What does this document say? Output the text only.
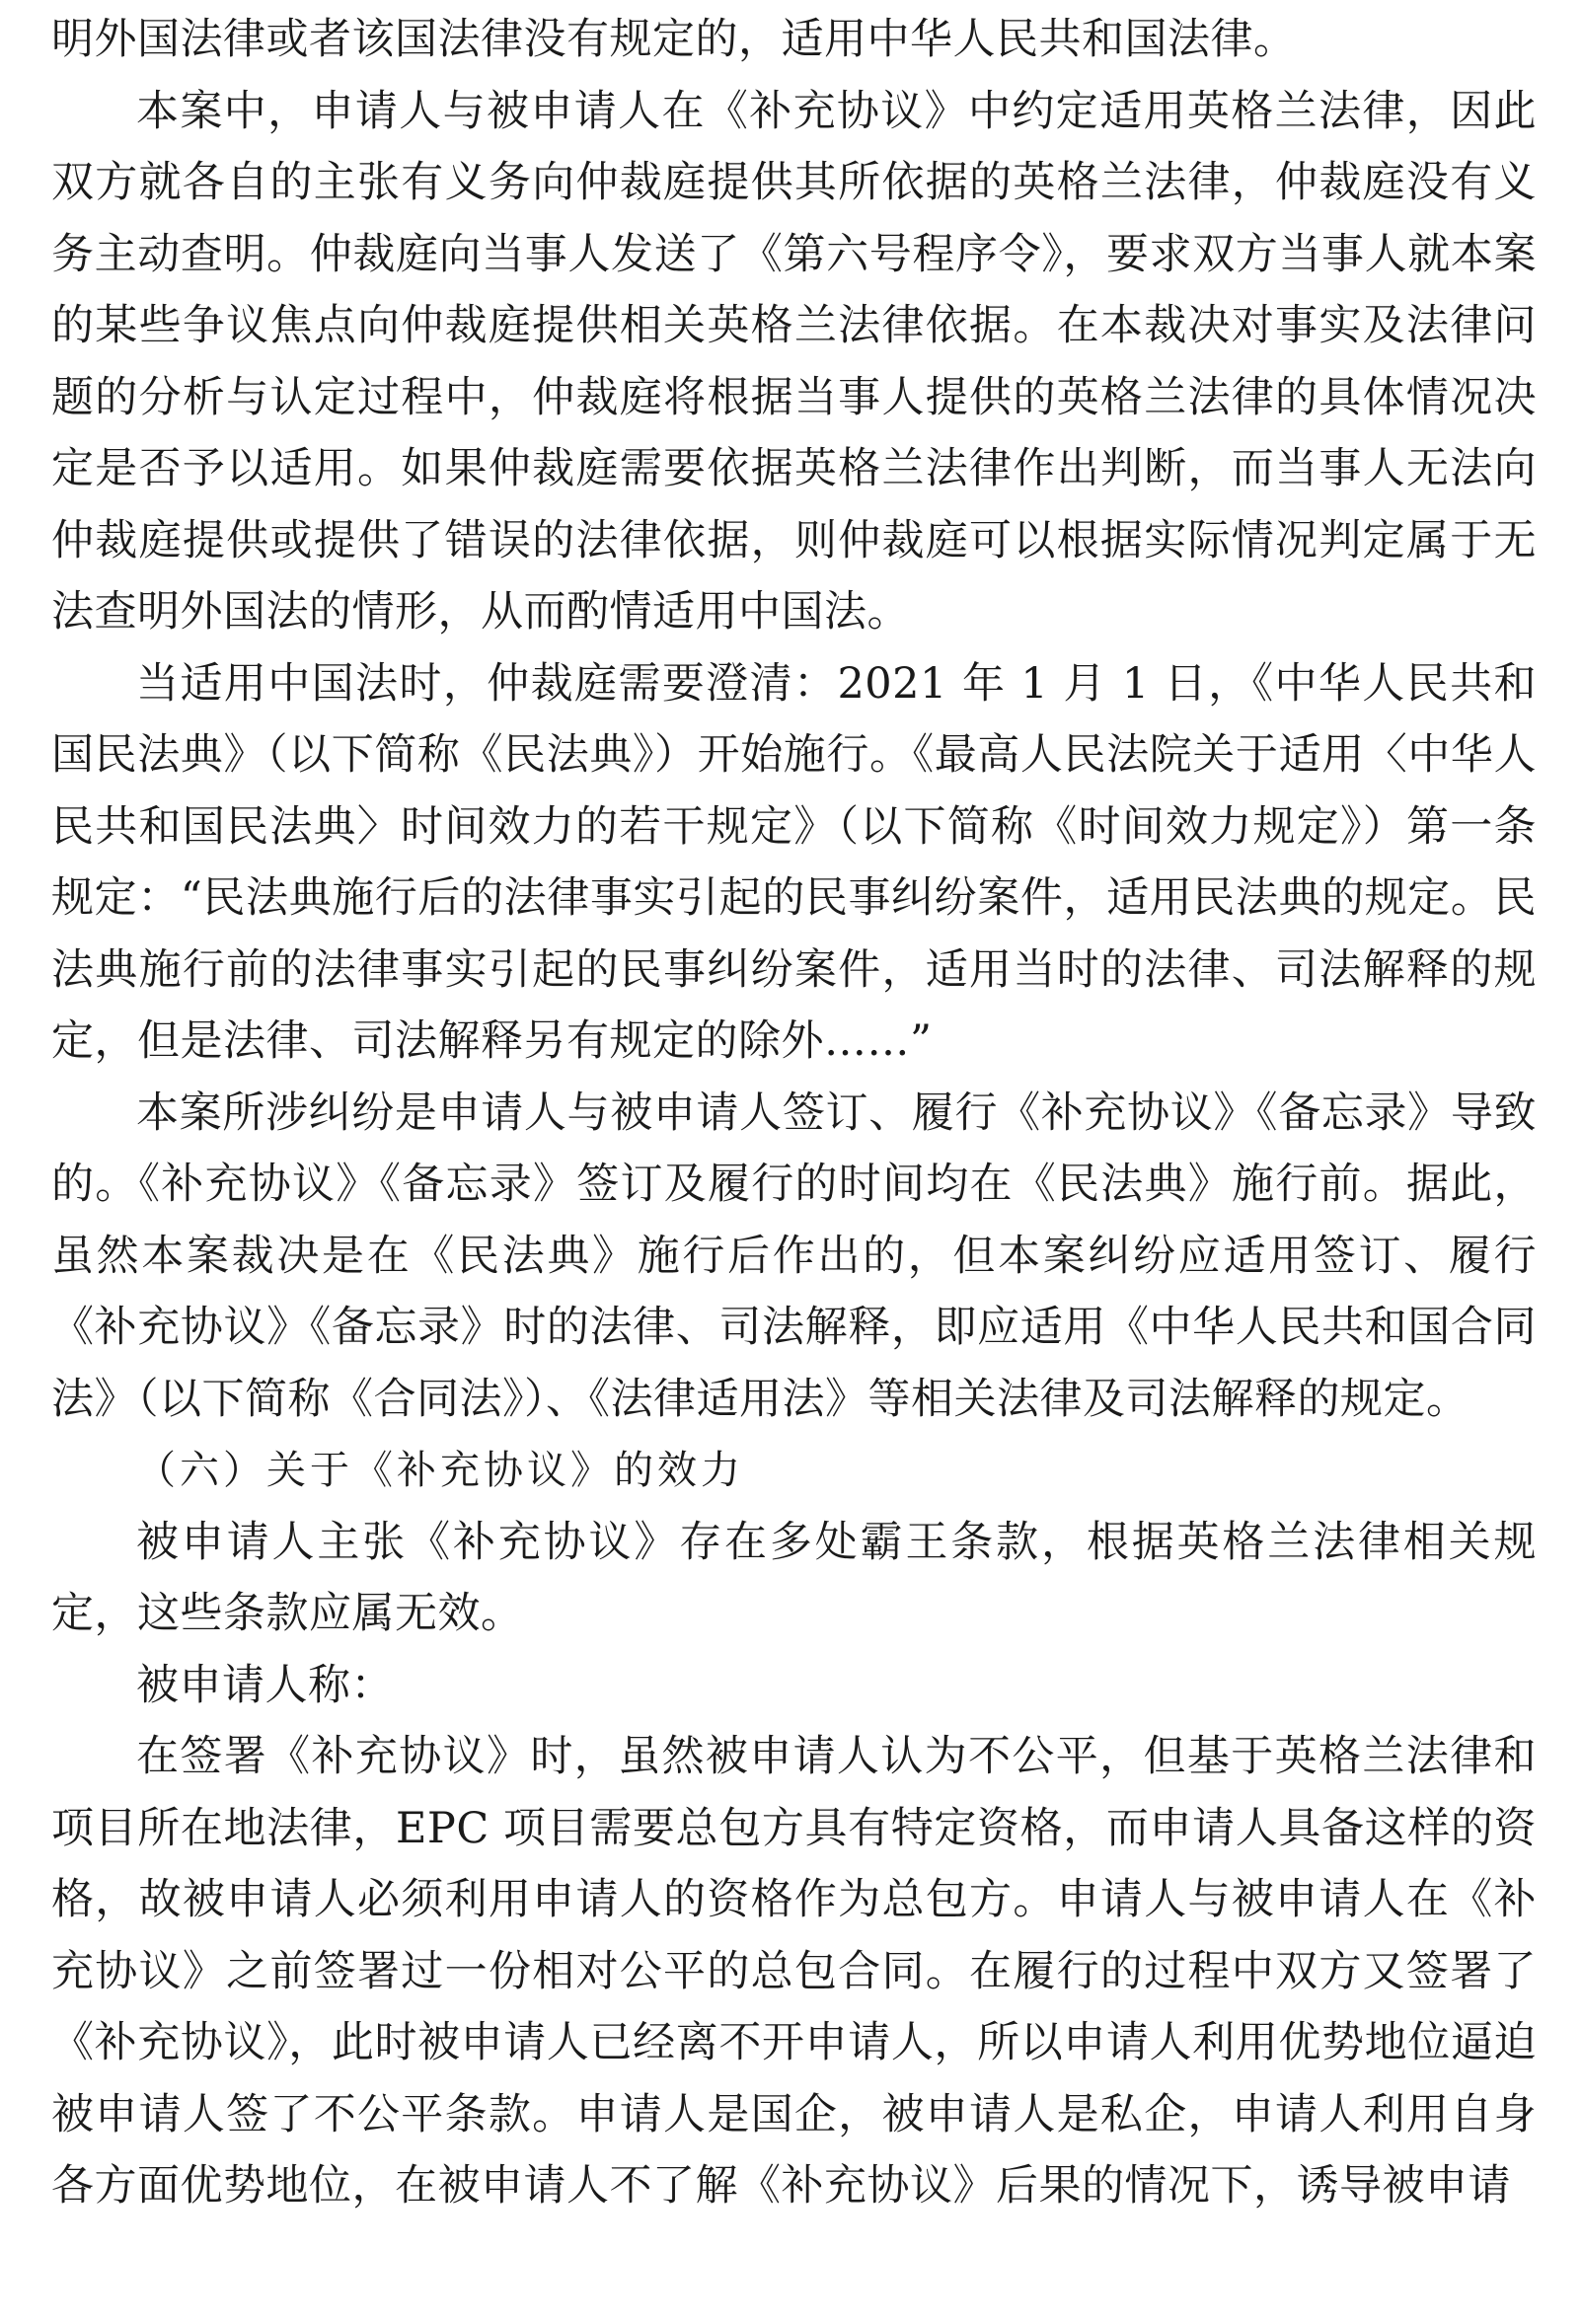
明外国法律或者该国法律没有规定的，适用中华人民共和国法律。

本案中，申请人与被申请人在《补充协议》中约定适用英格兰法律，因此双方就各自的主张有义务向仲裁庭提供其所依据的英格兰法律，仲裁庭没有义务主动查明。仲裁庭向当事人发送了《第六号程序令》，要求双方当事人就本案的某些争议焦点向仲裁庭提供相关英格兰法律依据。在本裁决对事实及法律问题的分析与认定过程中，仲裁庭将根据当事人提供的英格兰法律的具体情况决定是否予以适用。如果仲裁庭需要依据英格兰法律作出判断，而当事人无法向仲裁庭提供或提供了错误的法律依据，则仲裁庭可以根据实际情况判定属于无法查明外国法的情形，从而酌情适用中国法。

当适用中国法时，仲裁庭需要澄清：2021 年 1 月 1 日，《中华人民共和国民法典》（以下简称《民法典》）开始施行。《最高人民法院关于适用〈中华人民共和国民法典〉时间效力的若干规定》（以下简称《时间效力规定》）第一条规定：“民法典施行后的法律事实引起的民事纠纷案件，适用民法典的规定。民法典施行前的法律事实引起的民事纠纷案件，适用当时的法律、司法解释的规定，但是法律、司法解释另有规定的除外……”

本案所涉纠纷是申请人与被申请人签订、履行《补充协议》《备忘录》导致的。《补充协议》《备忘录》签订及履行的时间均在《民法典》施行前。据此，虽然本案裁决是在《民法典》施行后作出的，但本案纠纷应适用签订、履行《补充协议》《备忘录》时的法律、司法解释，即应适用《中华人民共和国合同法》（以下简称《合同法》）、《法律适用法》等相关法律及司法解释的规定。

（六）关于《补充协议》的效力

被申请人主张《补充协议》存在多处霸王条款，根据英格兰法律相关规定，这些条款应属无效。

被申请人称：

在签署《补充协议》时，虽然被申请人认为不公平，但基于英格兰法律和项目所在地法律，EPC 项目需要总包方具有特定资格，而申请人具备这样的资格，故被申请人必须利用申请人的资格作为总包方。申请人与被申请人在《补充协议》之前签署过一份相对公平的总包合同。在履行的过程中双方又签署了《补充协议》，此时被申请人已经离不开申请人，所以申请人利用优势地位逼迫被申请人签了不公平条款。申请人是国企，被申请人是私企，申请人利用自身各方面优势地位，在被申请人不了解《补充协议》后果的情况下，诱导被申请
